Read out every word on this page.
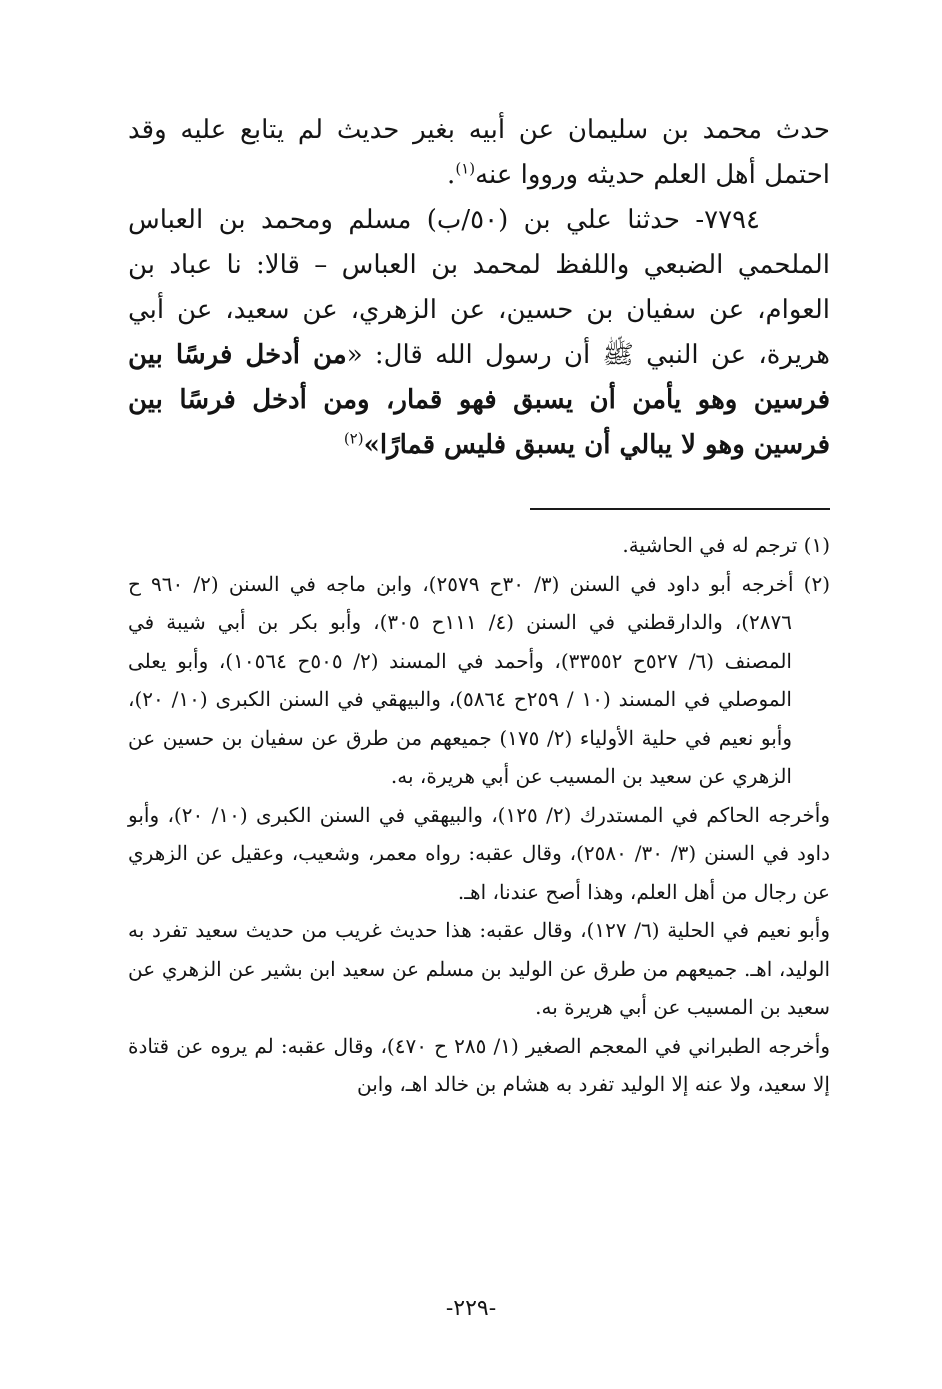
حدث محمد بن سليمان عن أبيه بغير حديث لم يتابع عليه وقد احتمل أهل العلم حديثه ورووا عنه$^{(١)}$.

٧٧٩٤- حدثنا علي بن (٥٠/ب) مسلم ومحمد بن العباس الملحمي الضبعي واللفظ لمحمد بن العباس – قالا: نا عباد بن العوام، عن سفيان بن حسين، عن الزهري، عن سعيد، عن أبي هريرة، عن النبي ﷺ أن رسول الله قال: «من أدخل فرسًا بين فرسين وهو يأمن أن يسبق فهو قمار، ومن أدخل فرسًا بين فرسين وهو لا يبالي أن يسبق فليس قمارًا»$^{(٢)}$

(١) ترجم له في الحاشية.

(٢) أخرجه أبو داود في السنن (٣/ ٣٠ح ٢٥٧٩)، وابن ماجه في السنن (٢/ ٩٦٠ ح ٢٨٧٦)، والدارقطني في السنن (٤/ ١١١ح ٣٠٥)، وأبو بكر بن أبي شيبة في المصنف (٦/ ٥٢٧ح ٣٣٥٥٢)، وأحمد في المسند (٢/ ٥٠٥ح ١٠٥٦٤)، وأبو يعلى الموصلي في المسند (١٠ / ٢٥٩ح ٥٨٦٤)، والبيهقي في السنن الكبرى (١٠/ ٢٠)، وأبو نعيم في حلية الأولياء (٢/ ١٧٥) جميعهم من طرق عن سفيان بن حسين عن الزهري عن سعيد بن المسيب عن أبي هريرة، به.

وأخرجه الحاكم في المستدرك (٢/ ١٢٥)، والبيهقي في السنن الكبرى (١٠/ ٢٠)، وأبو داود في السنن (٣/ ٣٠/ ٢٥٨٠)، وقال عقبه: رواه معمر، وشعيب، وعقيل عن الزهري عن رجال من أهل العلم، وهذا أصح عندنا، اهـ.

وأبو نعيم في الحلية (٦/ ١٢٧)، وقال عقبه: هذا حديث غريب من حديث سعيد تفرد به الوليد، اهـ. جميعهم من طرق عن الوليد بن مسلم عن سعيد ابن بشير عن الزهري عن سعيد بن المسيب عن أبي هريرة به.

وأخرجه الطبراني في المعجم الصغير (١/ ٢٨٥ ح ٤٧٠)، وقال عقبه: لم يروه عن قتادة إلا سعيد، ولا عنه إلا الوليد تفرد به هشام بن خالد اهـ، وابن

-٢٢٩-
